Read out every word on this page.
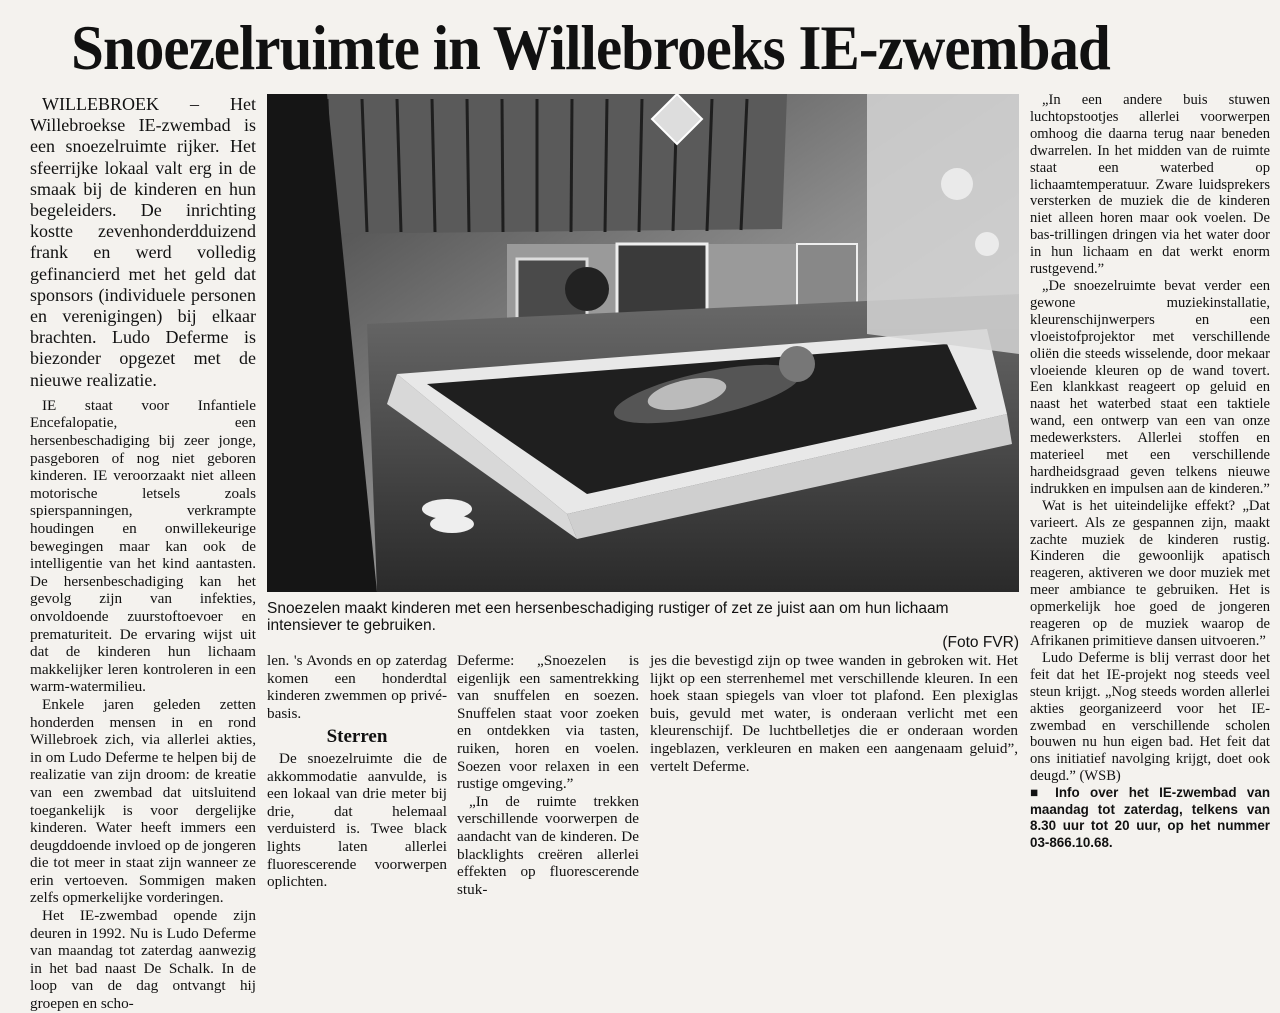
Snoezelruimte in Willebroeks IE-zwembad

WILLEBROEK – Het Willebroekse IE-zwembad is een snoezelruimte rijker. Het sfeerrijke lokaal valt erg in de smaak bij de kinderen en hun begeleiders. De inrichting kostte zevenhonderdduizend frank en werd volledig gefinancierd met het geld dat sponsors (individuele personen en verenigingen) bij elkaar brachten. Ludo Deferme is biezonder opgezet met de nieuwe realizatie.

IE staat voor Infantiele Encefalopatie, een hersenbeschadiging bij zeer jonge, pasgeboren of nog niet geboren kinderen. IE veroorzaakt niet alleen motorische letsels zoals spierspanningen, verkrampte houdingen en onwillekeurige bewegingen maar kan ook de intelligentie van het kind aantasten. De hersenbeschadiging kan het gevolg zijn van infekties, onvoldoende zuurstoftoevoer en prematuriteit. De ervaring wijst uit dat de kinderen hun lichaam makkelijker leren kontroleren in een warm-watermilieu.

Enkele jaren geleden zetten honderden mensen in en rond Willebroek zich, via allerlei akties, in om Ludo Deferme te helpen bij de realizatie van zijn droom: de kreatie van een zwembad dat uitsluitend toegankelijk is voor dergelijke kinderen. Water heeft immers een deugddoende invloed op de jongeren die tot meer in staat zijn wanneer ze erin vertoeven. Sommigen maken zelfs opmerkelijke vorderingen.

Het IE-zwembad opende zijn deuren in 1992. Nu is Ludo Deferme van maandag tot zaterdag aanwezig in het bad naast De Schalk. In de loop van de dag ontvangt hij groepen en scho-

Snoezelen maakt kinderen met een hersenbeschadiging rustiger of zet ze juist aan om hun lichaam intensiever te gebruiken.
(Foto FVR)

len. 's Avonds en op zaterdag komen een honderdtal kinderen zwemmen op privé-basis.

Sterren

De snoezelruimte die de akkommodatie aanvulde, is een lokaal van drie meter bij drie, dat helemaal verduisterd is. Twee black lights laten allerlei fluorescerende voorwerpen oplichten.

Deferme: „Snoezelen is eigenlijk een samentrekking van snuffelen en soezen. Snuffelen staat voor zoeken en ontdekken via tasten, ruiken, horen en voelen. Soezen voor relaxen in een rustige omgeving.”

„In de ruimte trekken verschillende voorwerpen de aandacht van de kinderen. De blacklights creëren allerlei effekten op fluorescerende stuk-

jes die bevestigd zijn op twee wanden in gebroken wit. Het lijkt op een sterrenhemel met verschillende kleuren. In een hoek staan spiegels van vloer tot plafond. Een plexiglas buis, gevuld met water, is onderaan verlicht met een kleurenschijf. De luchtbelletjes die er onderaan worden ingeblazen, verkleuren en maken een aangenaam geluid”, vertelt Deferme.

„In een andere buis stuwen luchtopstootjes allerlei voorwerpen omhoog die daarna terug naar beneden dwarrelen. In het midden van de ruimte staat een waterbed op lichaamtemperatuur. Zware luidsprekers versterken de muziek die de kinderen niet alleen horen maar ook voelen. De bas-trillingen dringen via het water door in hun lichaam en dat werkt enorm rustgevend.”

„De snoezelruimte bevat verder een gewone muziekinstallatie, kleurenschijnwerpers en een vloeistofprojektor met verschillende oliën die steeds wisselende, door mekaar vloeiende kleuren op de wand tovert. Een klankkast reageert op geluid en naast het waterbed staat een taktiele wand, een ontwerp van een van onze medewerksters. Allerlei stoffen en materieel met een verschillende hardheidsgraad geven telkens nieuwe indrukken en impulsen aan de kinderen.”

Wat is het uiteindelijke effekt? „Dat varieert. Als ze gespannen zijn, maakt zachte muziek de kinderen rustig. Kinderen die gewoonlijk apatisch reageren, aktiveren we door muziek met meer ambiance te gebruiken. Het is opmerkelijk hoe goed de jongeren reageren op de muziek waarop de Afrikanen primitieve dansen uitvoeren.”

Ludo Deferme is blij verrast door het feit dat het IE-projekt nog steeds veel steun krijgt. „Nog steeds worden allerlei akties georganizeerd voor het IE-zwembad en verschillende scholen bouwen nu hun eigen bad. Het feit dat ons initiatief navolging krijgt, doet ook deugd.” (WSB)

■ Info over het IE-zwembad van maandag tot zaterdag, telkens van 8.30 uur tot 20 uur, op het nummer 03-866.10.68.
